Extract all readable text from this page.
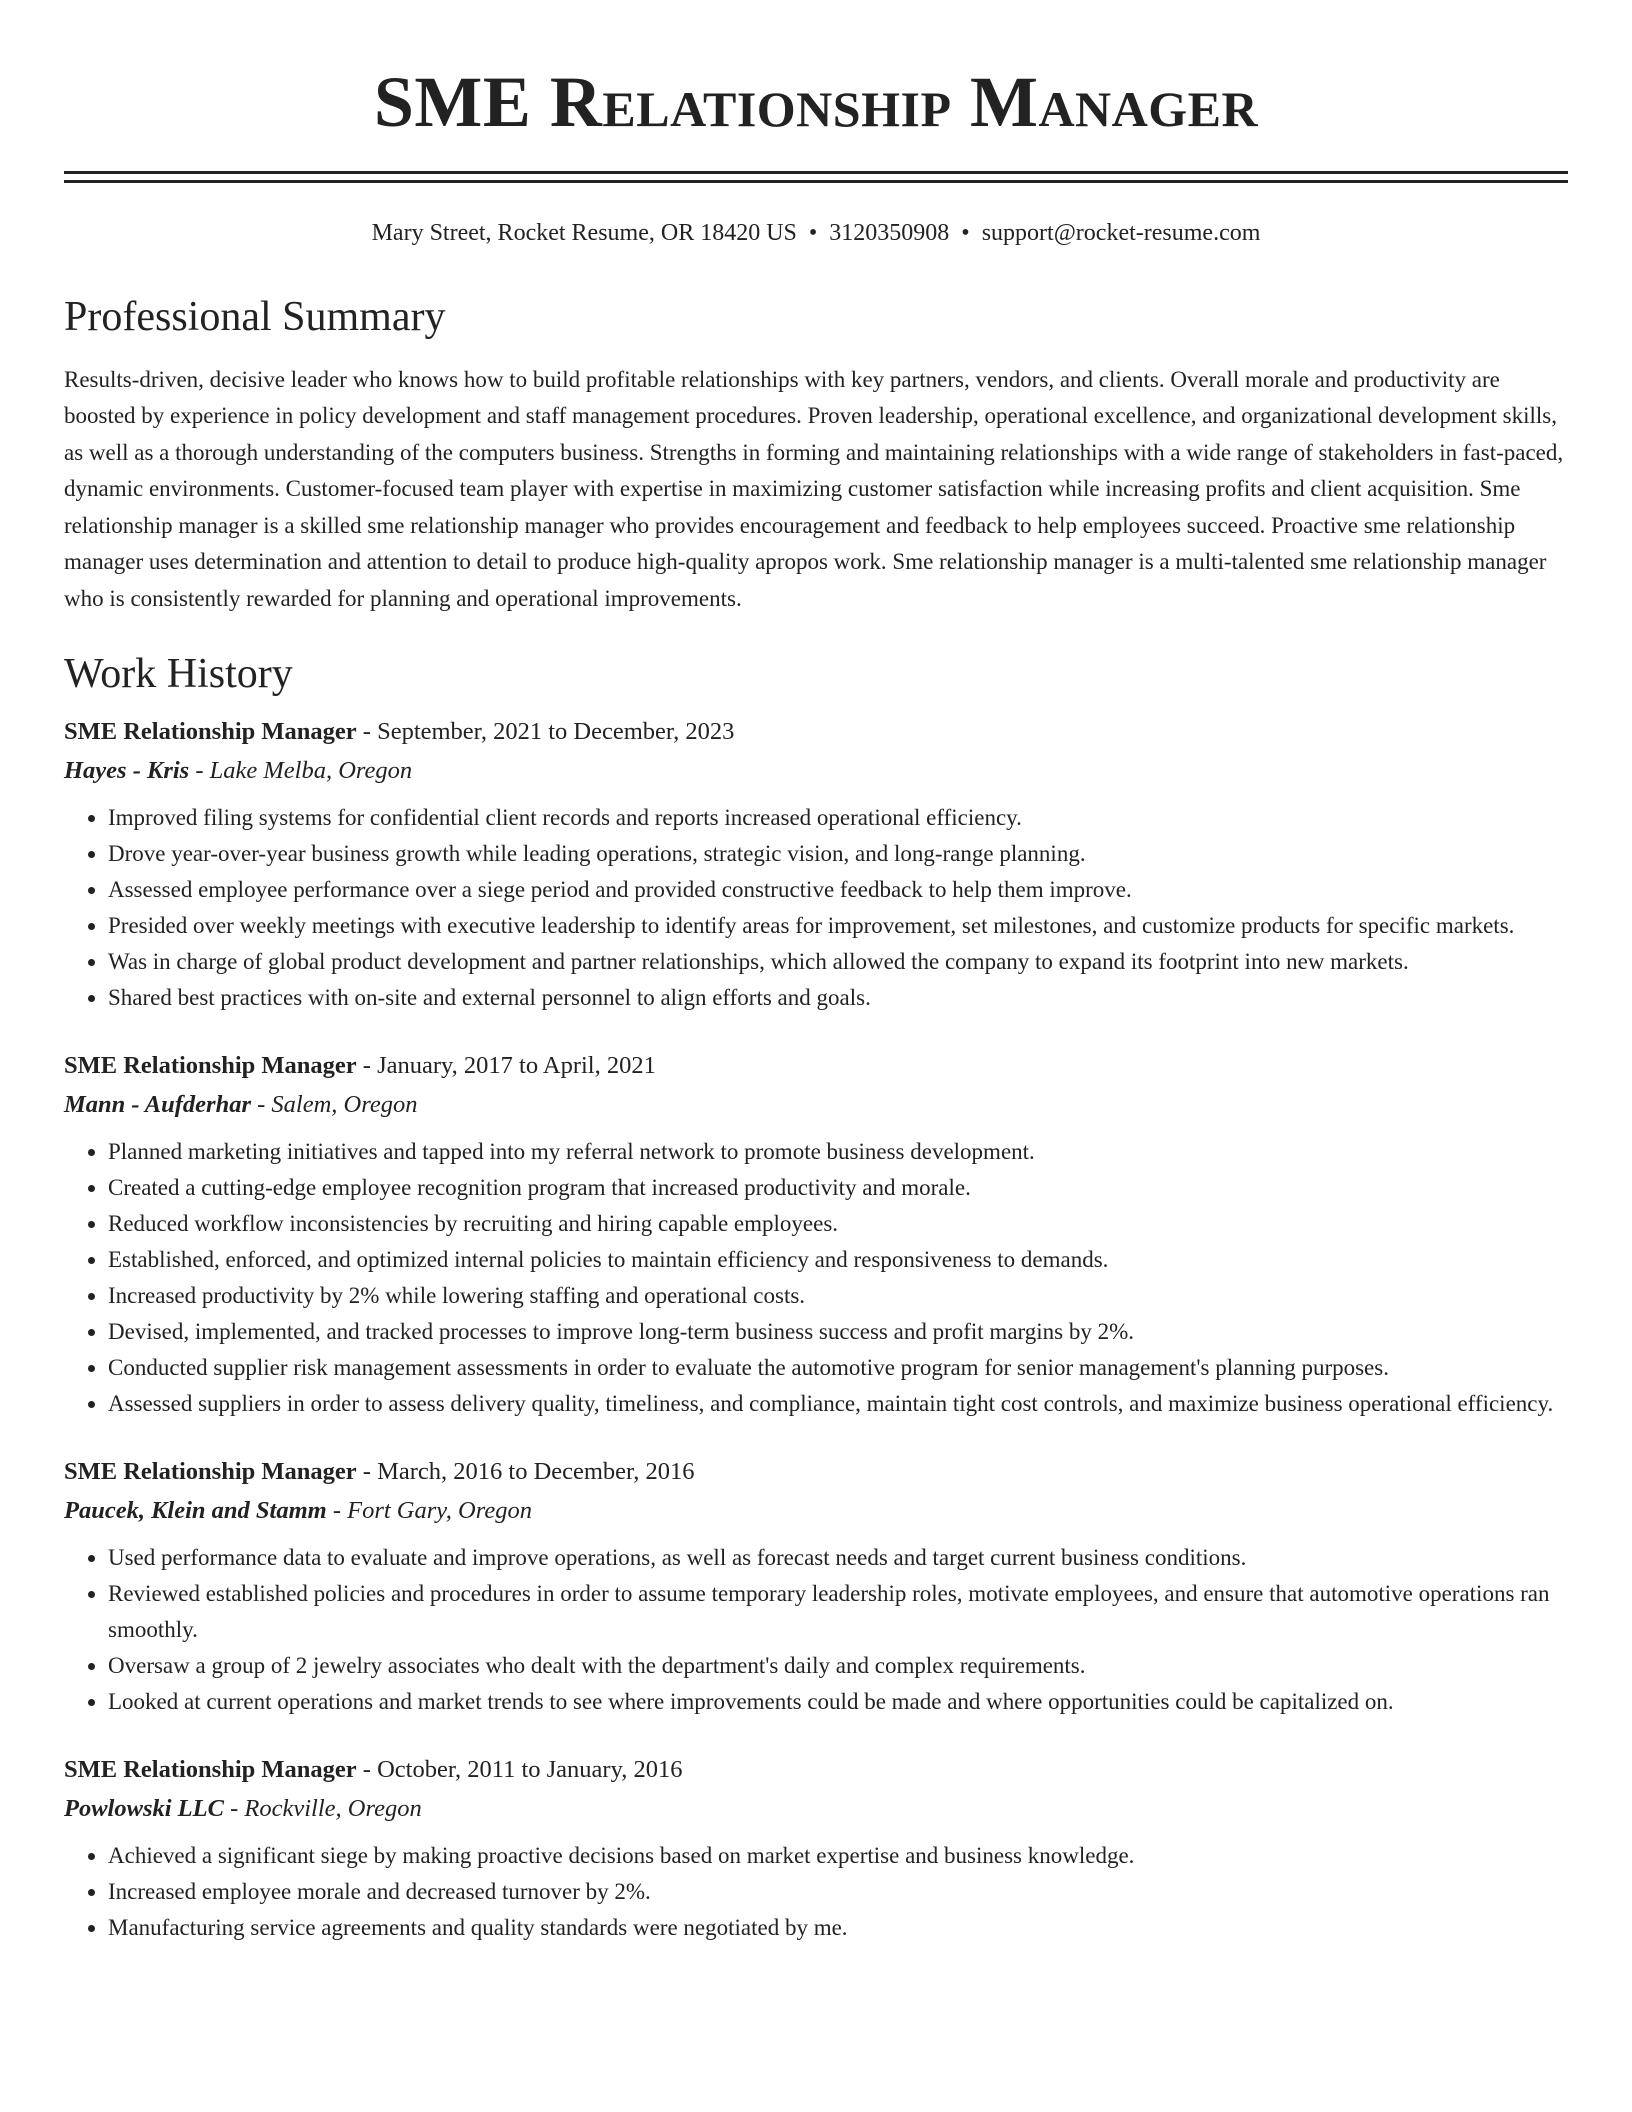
SME Relationship Manager
Mary Street, Rocket Resume, OR 18420 US • 3120350908 • support@rocket-resume.com
Professional Summary
Results-driven, decisive leader who knows how to build profitable relationships with key partners, vendors, and clients. Overall morale and productivity are boosted by experience in policy development and staff management procedures. Proven leadership, operational excellence, and organizational development skills, as well as a thorough understanding of the computers business. Strengths in forming and maintaining relationships with a wide range of stakeholders in fast-paced, dynamic environments. Customer-focused team player with expertise in maximizing customer satisfaction while increasing profits and client acquisition. Sme relationship manager is a skilled sme relationship manager who provides encouragement and feedback to help employees succeed. Proactive sme relationship manager uses determination and attention to detail to produce high-quality apropos work. Sme relationship manager is a multi-talented sme relationship manager who is consistently rewarded for planning and operational improvements.
Work History
SME Relationship Manager - September, 2021 to December, 2023
Hayes - Kris - Lake Melba, Oregon
• Improved filing systems for confidential client records and reports increased operational efficiency.
• Drove year-over-year business growth while leading operations, strategic vision, and long-range planning.
• Assessed employee performance over a siege period and provided constructive feedback to help them improve.
• Presided over weekly meetings with executive leadership to identify areas for improvement, set milestones, and customize products for specific markets.
• Was in charge of global product development and partner relationships, which allowed the company to expand its footprint into new markets.
• Shared best practices with on-site and external personnel to align efforts and goals.
SME Relationship Manager - January, 2017 to April, 2021
Mann - Aufderhar - Salem, Oregon
• Planned marketing initiatives and tapped into my referral network to promote business development.
• Created a cutting-edge employee recognition program that increased productivity and morale.
• Reduced workflow inconsistencies by recruiting and hiring capable employees.
• Established, enforced, and optimized internal policies to maintain efficiency and responsiveness to demands.
• Increased productivity by 2% while lowering staffing and operational costs.
• Devised, implemented, and tracked processes to improve long-term business success and profit margins by 2%.
• Conducted supplier risk management assessments in order to evaluate the automotive program for senior management's planning purposes.
• Assessed suppliers in order to assess delivery quality, timeliness, and compliance, maintain tight cost controls, and maximize business operational efficiency.
SME Relationship Manager - March, 2016 to December, 2016
Paucek, Klein and Stamm - Fort Gary, Oregon
• Used performance data to evaluate and improve operations, as well as forecast needs and target current business conditions.
• Reviewed established policies and procedures in order to assume temporary leadership roles, motivate employees, and ensure that automotive operations ran smoothly.
• Oversaw a group of 2 jewelry associates who dealt with the department's daily and complex requirements.
• Looked at current operations and market trends to see where improvements could be made and where opportunities could be capitalized on.
SME Relationship Manager - October, 2011 to January, 2016
Powlowski LLC - Rockville, Oregon
• Achieved a significant siege by making proactive decisions based on market expertise and business knowledge.
• Increased employee morale and decreased turnover by 2%.
• Manufacturing service agreements and quality standards were negotiated by me.
